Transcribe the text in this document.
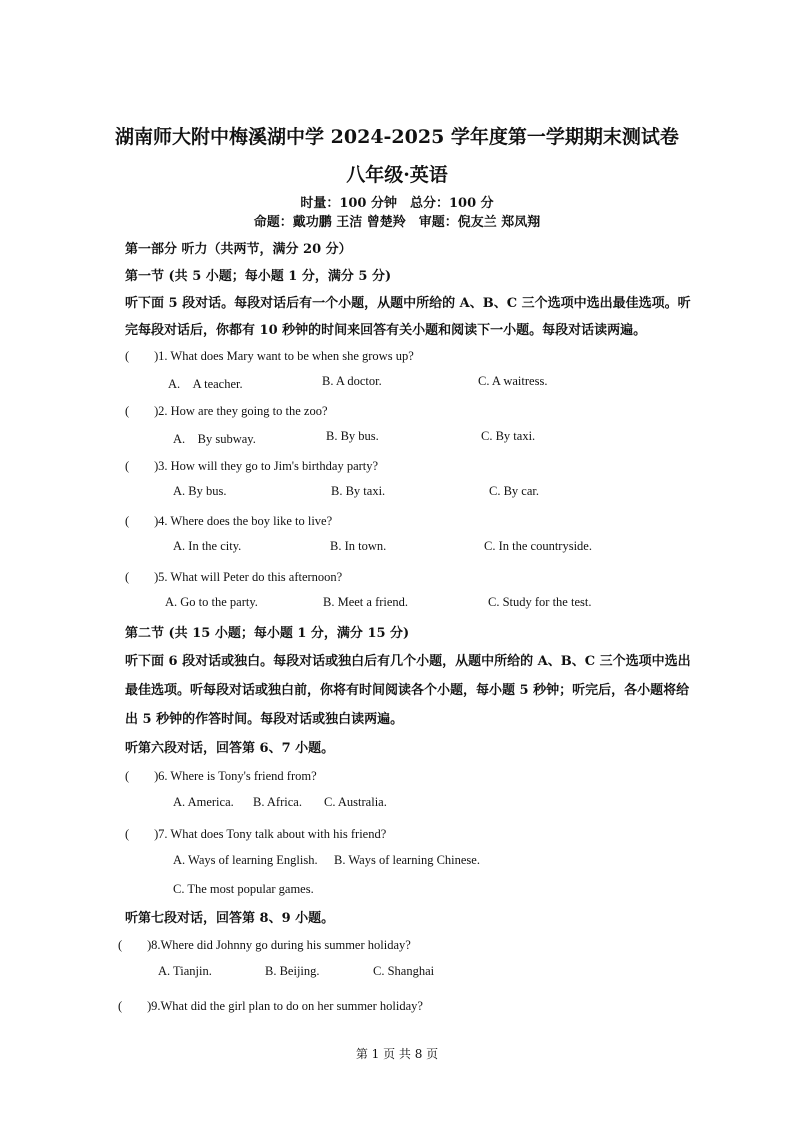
湖南师大附中梅溪湖中学 2024-2025 学年度第一学期期末测试卷
八年级·英语
时量：100 分钟　总分：100 分
命题：戴功鹏 王洁 曾楚羚　审题：倪友兰 郑凤翔
第一部分 听力（共两节，满分 20 分）
第一节 (共 5 小题；每小题 1 分，满分 5 分)
听下面 5 段对话。每段对话后有一个小题，从题中所给的 A、B、C 三个选项中选出最佳选项。听
完每段对话后，你都有 10 秒钟的时间来回答有关小题和阅读下一小题。每段对话读两遍。
(　　) 1. What does Mary want to be when she grows up?
A.　A teacher.	B. A doctor.	C. A waitress.
(　　) 2. How are they going to the zoo?
A.　By subway.	B. By bus.	C. By taxi.
(　　) 3. How will they go to Jim's birthday party?
A. By bus.	B. By taxi.	C. By car.
(　　) 4. Where does the boy like to live?
A. In the city.	B. In town.	C. In the countryside.
(　　) 5. What will Peter do this afternoon?
A. Go to the party.	B. Meet a friend.	C. Study for the test.
第二节 (共 15 小题；每小题 1 分，满分 15 分)
听下面 6 段对话或独白。每段对话或独白后有几个小题，从题中所给的 A、B、C 三个选项中选出
最佳选项。听每段对话或独白前，你将有时间阅读各个小题，每小题 5 秒钟；听完后，各小题将给
出 5 秒钟的作答时间。每段对话或独白读两遍。
听第六段对话，回答第 6、7 小题。
(　　) 6. Where is Tony's friend from?
A. America. B. Africa. C. Australia.
(　　) 7. What does Tony talk about with his friend?
A. Ways of learning English. B. Ways of learning Chinese.
C. The most popular games.
听第七段对话，回答第 8、9 小题。
(　　) 8.Where did Johnny go during his summer holiday?
A. Tianjin.	B. Beijing.	C. Shanghai
(　　) 9.What did the girl plan to do on her summer holiday?
第 1 页 共 8 页
